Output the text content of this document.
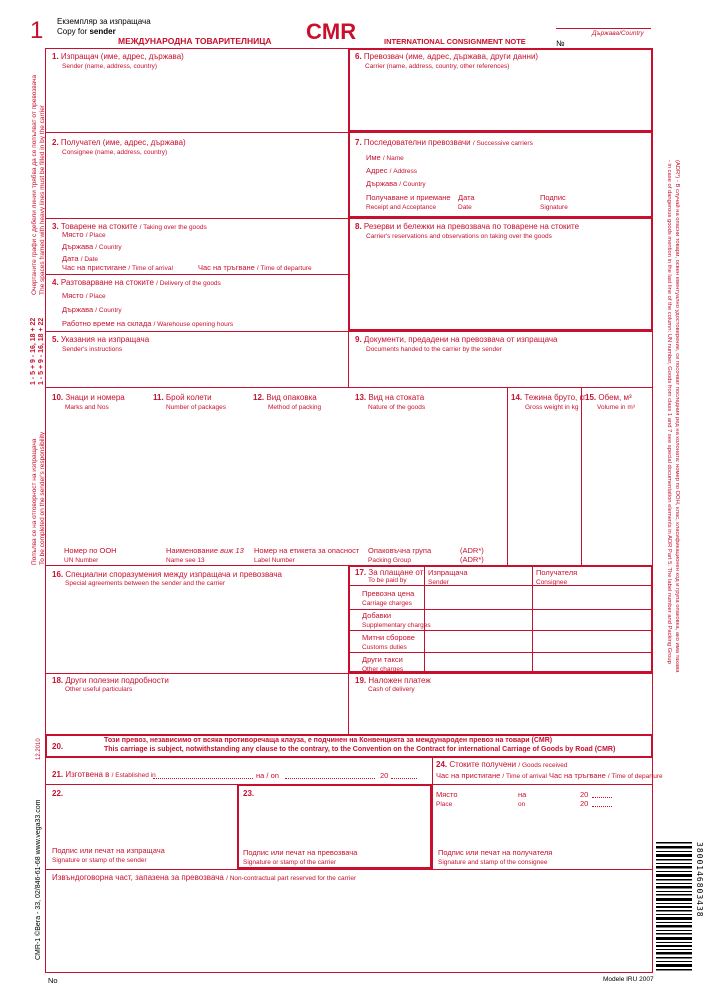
1 Екземпляр за изпращача
Copy for sender
МЕЖДУНАРОДНА ТОВАРИТЕЛНИЦА CMR	INTERNATIONAL CONSIGNMENT NOTE	№
Държава/Country
1. Изпращач (име, адрес, държава)
Sender (name, address, country)
2. Получател (име, адрес, държава)
Consignee (name, address, country)
3. Товарене на стоките / Taking over the goods
Място / Place
Държава / Country
Дата / Date
Час на пристигане / Time of arrival	Час на тръгване / Time of departure
4. Разтоварване на стоките / Delivery of the goods
Място / Place
Държава / Country
Работно време на склада / Warehouse opening hours
5. Указания на изпращача
Sender's instructions
6. Превозвач (име, адрес, държава, други данни)
Carrier (name, address, country, other references)
7. Последователни превозвачи / Successive carriers
Име / Name
Адрес / Address
Държава / Country
Получаване и приемане
Receipt and Acceptance
Дата
Date
Подпис
Signature
8. Резерви и бележки на превозвача по товарене на стоките
Carrier's reservations and observations on taking over the goods
9. Документи, предадени на превозвача от изпращача
Documents handed to the carrier by the sender
10. Знаци и номера
Marks and Nos
11. Брой колети
Number of packages
12. Вид опаковка
Method of packing
13. Вид на стоката
Nature of the goods
14. Тежина бруто, кг
Gross weight in kg
15. Обем, м³
Volume in m³
Номер по ООН
UN Number
Наименование виж 13
Name see 13
Номер на етикета за опасност
Label Number
Опаковъчна група
Packing Group
(ADR*)
(ADR*)
16. Специални споразумения между изпращача и превозвача
Special agreements between the sender and the carrier
17. За плащане от:
To be paid by
Изпращача
Sender
Получателя
Consignee
Превозна цена
Carriage charges
Добавки
Supplementary charges
Митни сборове
Customs duties
Други такси
Other charges
18. Други полезни подробности
Other useful particulars
19. Наложен платеж
Cash of delivery
20.
Този превоз, независимо от всяка противоречаща клауза, е подчинен на Конвенцията за международен превоз на товари (CMR)
This carriage is subject, notwithstanding any clause to the contrary, to the Convention on the Contract for international Carriage of Goods by Road (CMR)
21. Изготвена в / Established in	на / on	20
22.
Подпис или печат на изпращача
Signature or stamp of the sender
23.
Подпис или печат на превозвача
Signature or stamp of the carrier
24. Стоките получени / Goods received
Час на пристигане / Time of arrival Час на тръгване / Time of departure
Място
Place
на
on
20
20
Подпис или печат на получателя
Signature and stamp of the consignee
Извъндоговорна част, запазена за превозвача / Non-contractual part reserved for the carrier
No	Modele IRU 2007
Очертаните графи с дебели линии трябва да се попълват от превозвача The spaces framed with heavy lines must be filled in by the carrier
1 - 5 + 9 - 16, 18 + 22 1 - 5 + 9 - 16, 18 + 22
Попълва се на отговорност на изпращача To be completed on the sender's responsibility
12.2010
CMR-1 ©Вега - 33, 02/846-61-68 www.vega33.com
(ADR*) - В случай на опасни товари, освен евентуално удостоверение, се посочват последния ред на колоната: номер по ООН, клас, класификационен код и група опаковка, ако има такава
- in case of dangerous goods mention in the last line of the column: UN number, Goods from class 1 and 7 see special documentation elements in ADR Part 5. The label number and Packing Group
3800146803438
